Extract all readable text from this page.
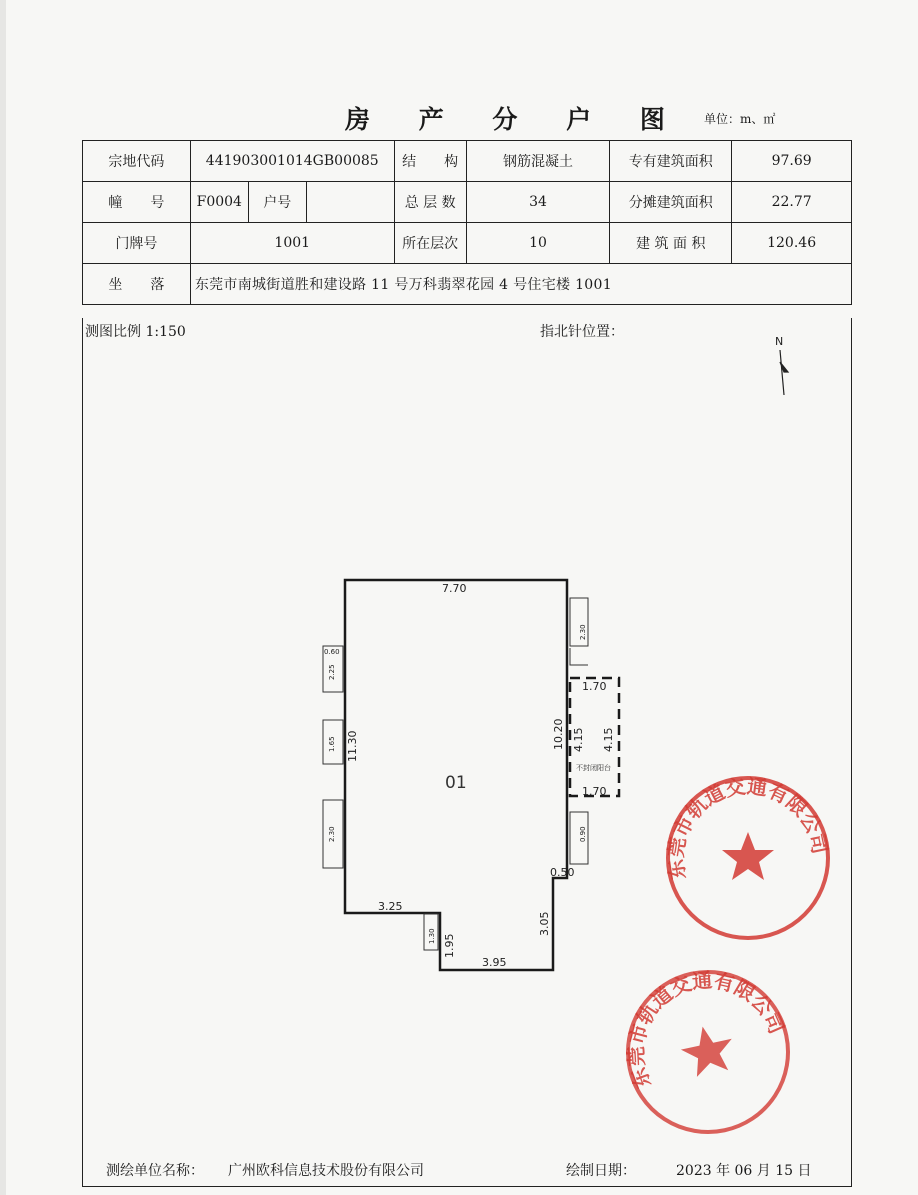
房 产 分 户 图 单位：m、㎡
宗地代码	441903001014GB00085			结　　构	钢筋混凝土	专有建筑面积	97.69
幢　　号	F0004	户号		总 层 数	34	分摊建筑面积	22.77
门牌号	1001			所在层次	10	建 筑 面 积	120.46
坐　　落	东莞市南城街道胜和建设路 11 号万科翡翠花园 4 号住宅楼 1001						
测图比例 1:150	指北针位置：
N
7.70
11.30	10.20
3.25
3.95
3.05
1.95
0.50
1.70
1.70
4.15 4.15
2.25
1.65
2.30
2.30
0.90
1.30
0.60
01
不封闭阳台
东莞市轨道交通有限公司
东莞市轨道交通有限公司
测绘单位名称： 广州欧科信息技术股份有限公司	绘制日期：	2023 年 06 月 15 日
